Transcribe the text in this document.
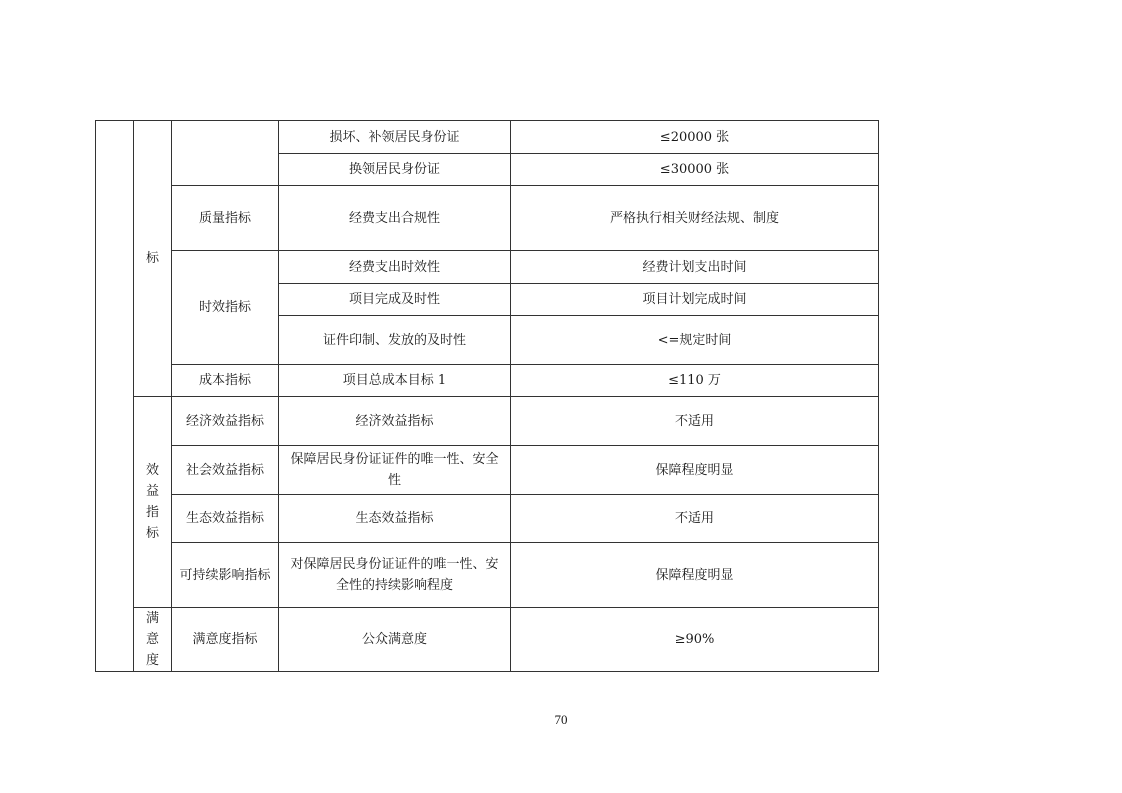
	标		损坏、补领居民身份证	≤20000 张
			换领居民身份证	≤30000 张
		质量指标	经费支出合规性	严格执行相关财经法规、制度
		时效指标	经费支出时效性	经费计划支出时间
			项目完成及时性	项目计划完成时间
			证件印制、发放的及时性	<=规定时间
		成本指标	项目总成本目标 1	≤110 万

	效益指标	经济效益指标	经济效益指标	不适用
		社会效益指标	保障居民身份证证件的唯一性、安全性	保障程度明显
		生态效益指标	生态效益指标	不适用
		可持续影响指标	对保障居民身份证证件的唯一性、安全性的持续影响程度	保障程度明显

	满意度	满意度指标	公众满意度	≥90%
70
